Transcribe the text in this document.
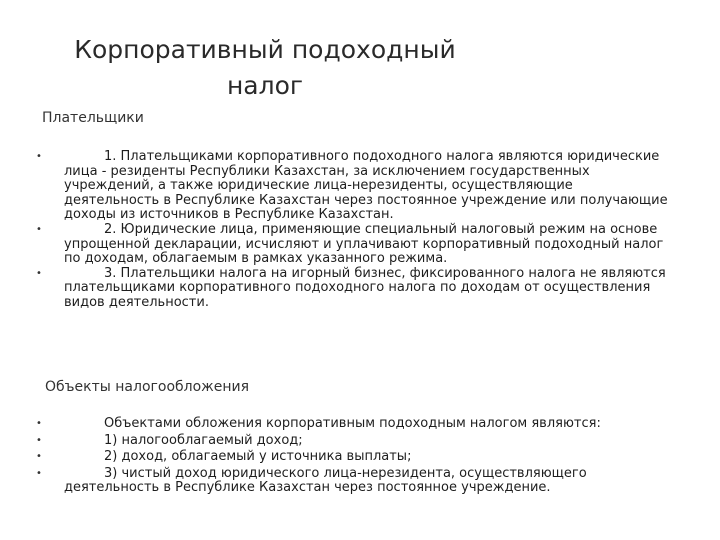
Корпоративный подоходный
налог
Плательщики
•	1. Плательщиками корпоративного подоходного налога являются юридические лица - резиденты Республики Казахстан, за исключением государственных учреждений, а также юридические лица-нерезиденты, осуществляющие деятельность в Республике Казахстан через постоянное учреждение или получающие доходы из источников в Республике Казахстан.
•	2. Юридические лица, применяющие специальный налоговый режим на основе упрощенной декларации, исчисляют и уплачивают корпоративный подоходный налог по доходам, облагаемым в рамках указанного режима.
•	3. Плательщики налога на игорный бизнес, фиксированного налога не являются плательщиками корпоративного подоходного налога по доходам от осуществления видов деятельности.
Объекты налогообложения
•	Объектами обложения корпоративным подоходным налогом являются:
•	1) налогооблагаемый доход;
•	2) доход, облагаемый у источника выплаты;
•	3) чистый доход юридического лица-нерезидента, осуществляющего деятельность в Республике Казахстан через постоянное учреждение.
